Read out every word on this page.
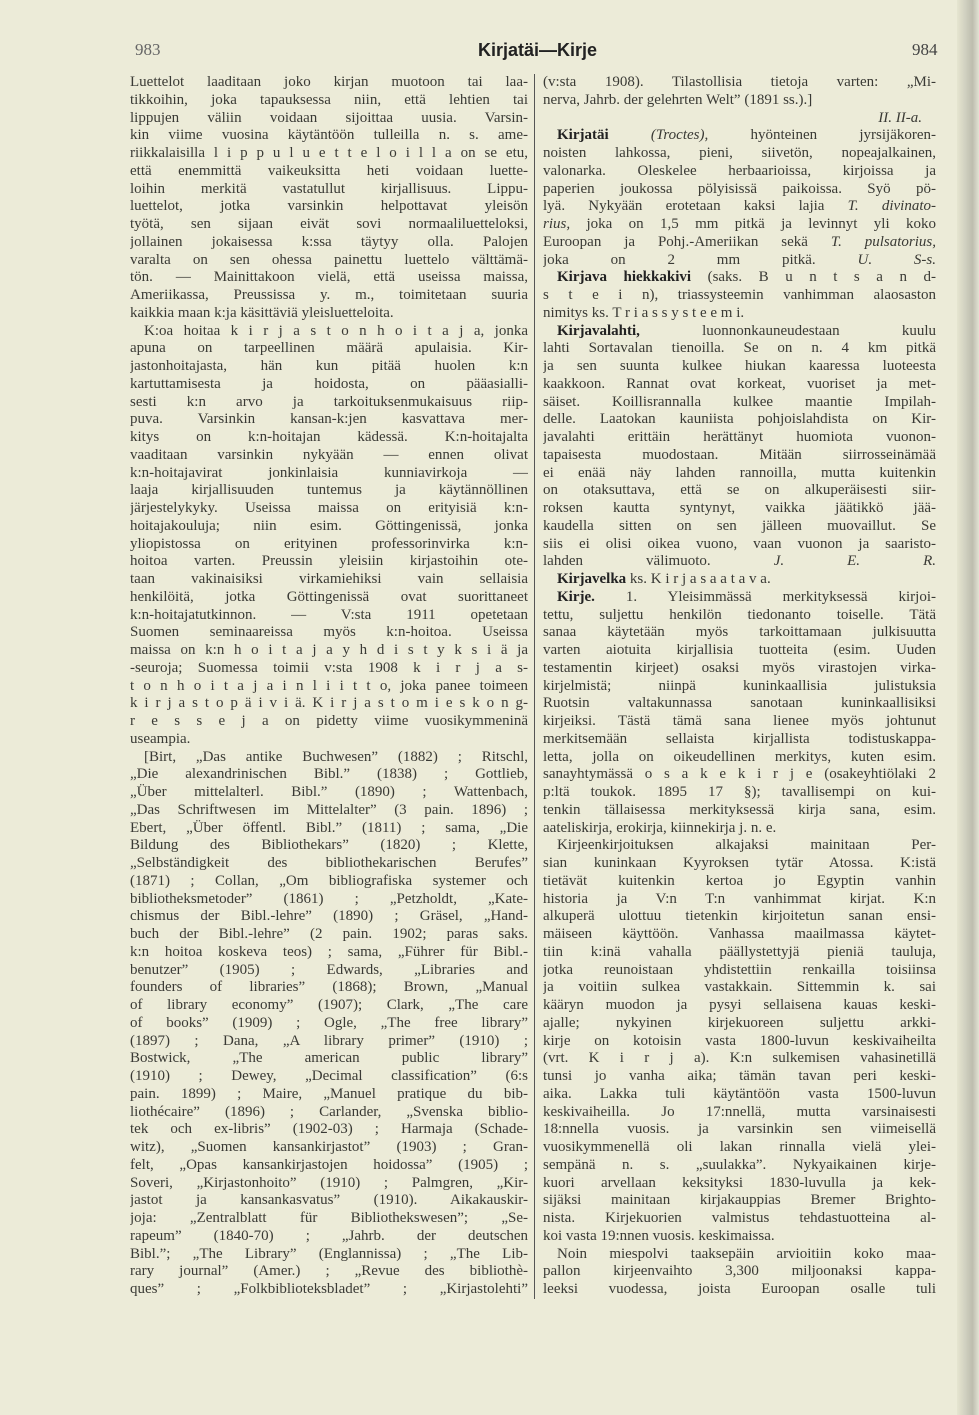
983	Kirjatäi—Kirje	984
Luettelot laaditaan joko kirjan muotoon tai laa-
tikkoihin, joka tapauksessa niin, että lehtien tai
lippujen väliin voidaan sijoittaa uusia. Varsin-
kin viime vuosina käytäntöön tulleilla n. s. ame-
riikkalaisilla l i p p u l u e t t e l o i l l a on se etu,
että enemmittä vaikeuksitta heti voidaan luette-
loihin merkitä vastatullut kirjallisuus. Lippu-
luettelot, jotka varsinkin helpottavat yleisön
työtä, sen sijaan eivät sovi normaaliluetteloksi,
jollainen jokaisessa k:ssa täytyy olla. Palojen
varalta on sen ohessa painettu luettelo välttämä-
tön. — Mainittakoon vielä, että useissa maissa,
Ameriikassa, Preussissa y. m., toimitetaan suuria
kaikkia maan k:ja käsittäviä yleisluetteloita.
K:oa hoitaa k i r j a s t o n h o i t a j a, jonka
apuna on tarpeellinen määrä apulaisia. Kir-
jastonhoitajasta, hän kun pitää huolen k:n
kartuttamisesta ja hoidosta, on pääasialli-
sesti k:n arvo ja tarkoituksenmukaisuus riip-
puva. Varsinkin kansan-k:jen kasvattava mer-
kitys on k:n-hoitajan kädessä. K:n-hoitajalta
vaaditaan varsinkin nykyään — ennen olivat
k:n-hoitajavirat jonkinlaisia kunniavirkoja —
laaja kirjallisuuden tuntemus ja käytännöllinen
järjestelykyky. Useissa maissa on erityisiä k:n-
hoitajakouluja; niin esim. Göttingenissä, jonka
yliopistossa on erityinen professorinvirka k:n-
hoitoa varten. Preussin yleisiin kirjastoihin ote-
taan vakinaisiksi virkamiehiksi vain sellaisia
henkilöitä, jotka Göttingenissä ovat suorittaneet
k:n-hoitajatutkinnon. — V:sta 1911 opetetaan
Suomen seminaareissa myös k:n-hoitoa. Useissa
maissa on k:n h o i t a j a y h d i s t y k s i ä ja
-seuroja; Suomessa toimii v:sta 1908 k i r j a s-
t o n h o i t a j a i n l i i t t o, joka panee toimeen
k i r j a s t o p ä i v i ä. K i r j a s t o m i e s k o n g-
r e s s e j a on pidetty viime vuosikymmeninä
useampia.
[Birt, „Das antike Buchwesen” (1882) ; Ritschl,
„Die alexandrinischen Bibl.” (1838) ; Gottlieb,
„Über mittelalterl. Bibl.” (1890) ; Wattenbach,
„Das Schriftwesen im Mittelalter” (3 pain. 1896) ;
Ebert, „Über öffentl. Bibl.” (1811) ; sama, „Die
Bildung des Bibliothekars” (1820) ; Klette,
„Selbständigkeit des bibliothekarischen Berufes”
(1871) ; Collan, „Om bibliografiska systemer och
bibliotheksmetoder” (1861) ; „Petzholdt, „Kate-
chismus der Bibl.-lehre” (1890) ; Gräsel, „Hand-
buch der Bibl.-lehre” (2 pain. 1902; paras saks.
k:n hoitoa koskeva teos) ; sama, „Führer für Bibl.-
benutzer” (1905) ; Edwards, „Libraries and
founders of libraries” (1868); Brown, „Manual
of library economy” (1907); Clark, „The care
of books” (1909) ; Ogle, „The free library”
(1897) ; Dana, „A library primer” (1910) ;
Bostwick, „The american public library”
(1910) ; Dewey, „Decimal classification” (6:s
pain. 1899) ; Maire, „Manuel pratique du bib-
liothécaire” (1896) ; Carlander, „Svenska biblio-
tek och ex-libris” (1902-03) ; Harmaja (Schade-
witz), „Suomen kansankirjastot” (1903) ; Gran-
felt, „Opas kansankirjastojen hoidossa” (1905) ;
Soveri, „Kirjastonhoito” (1910) ; Palmgren, „Kir-
jastot ja kansankasvatus” (1910). Aikakauskir-
joja: „Zentralblatt für Bibliothekswesen”; „Se-
rapeum” (1840-70) ; „Jahrb. der deutschen
Bibl.”; „The Library” (Englannissa) ; „The Lib-
rary journal” (Amer.) ; „Revue des bibliothè-
ques” ; „Folkbiblioteksbladet” ; „Kirjastolehti”
(v:sta 1908). Tilastollisia tietoja varten: „Mi-
nerva, Jahrb. der gelehrten Welt” (1891 ss.).]
II. II-a.
Kirjatäi	(Troctes), hyönteinen jyrsijäkoren-
noisten lahkossa, pieni, siivetön, nopeajalkainen,
valonarka. Oleskelee herbaarioissa, kirjoissa ja
paperien joukossa pölyisissä paikoissa. Syö pö-
lyä. Nykyään erotetaan kaksi lajia T. divinato-
rius, joka on 1,5 mm pitkä ja levinnyt yli koko
Euroopan ja Pohj.-Ameriikan sekä T. pulsatorius,
joka on 2 mm pitkä.	U. S-s.
Kirjava hiekkakivi (saks. B u n t s a n d-
s t e i n), triassysteemin vanhimman alaosaston
nimitys ks. T r i a s s y s t e e m i.
Kirjavalahti, luonnonkauneudestaan kuulu
lahti Sortavalan tienoilla. Se on n. 4 km pitkä
ja sen suunta kulkee hiukan kaaressa luoteesta
kaakkoon. Rannat ovat korkeat, vuoriset ja met-
säiset. Koillisrannalla kulkee maantie Impilah-
delle. Laatokan kauniista pohjoislahdista on Kir-
javalahti erittäin herättänyt huomiota vuonon-
tapaisesta muodostaan. Mitään siirrosseinämää
ei enää näy lahden rannoilla, mutta kuitenkin
on otaksuttava, että se on alkuperäisesti siir-
roksen kautta syntynyt, vaikka jäätikkö jää-
kaudella sitten on sen jälleen muovaillut. Se
siis ei olisi oikea vuono, vaan vuonon ja saaristo-
lahden välimuoto.	J. E. R.
Kirjavelka ks. K i r j a s a a t a v a.
Kirje. 1. Yleisimmässä merkityksessä kirjoi-
tettu, suljettu henkilön tiedonanto toiselle. Tätä
sanaa käytetään myös tarkoittamaan julkisuutta
varten aiotuita kirjallisia tuotteita (esim. Uuden
testamentin kirjeet) osaksi myös virastojen virka-
kirjelmistä; niinpä kuninkaallisia julistuksia
Ruotsin valtakunnassa sanotaan kuninkaallisiksi
kirjeiksi. Tästä tämä sana lienee myös johtunut
merkitsemään sellaista kirjallista todistuskappa-
letta, jolla on oikeudellinen merkitys, kuten esim.
sanayhtymässä o s a k e k i r j e (osakeyhtiölaki 2
p:ltä toukok. 1895 17 §); tavallisempi on kui-
tenkin tällaisessa merkityksessä kirja sana, esim.
aateliskirja, erokirja, kiinnekirja j. n. e.
Kirjeenkirjoituksen alkajaksi mainitaan Per-
sian kuninkaan Kyyroksen tytär Atossa. K:istä
tietävät kuitenkin kertoa jo Egyptin vanhin
historia ja V:n T:n vanhimmat kirjat. K:n
alkuperä ulottuu tietenkin kirjoitetun sanan ensi-
mäiseen käyttöön. Vanhassa maailmassa käytet-
tiin k:inä vahalla päällystettyjä pieniä tauluja,
jotka reunoistaan yhdistettiin renkailla toisiinsa
ja voitiin sulkea vastakkain. Sittemmin k. sai
kääryn muodon ja pysyi sellaisena kauas keski-
ajalle; nykyinen kirjekuoreen suljettu arkki-
kirje on kotoisin vasta 1800-luvun keskivaiheilta
(vrt. K i r j a). K:n sulkemisen vahasinetillä
tunsi jo vanha aika; tämän tavan peri keski-
aika. Lakka tuli käytäntöön vasta 1500-luvun
keskivaiheilla. Jo 17:nnellä, mutta varsinaisesti
18:nnella vuosis. ja varsinkin sen viimeisellä
vuosikymmenellä oli lakan rinnalla vielä ylei-
sempänä n. s. „suulakka”. Nykyaikainen kirje-
kuori arvellaan keksityksi 1830-luvulla ja kek-
sijäksi mainitaan kirjakauppias Bremer Brighto-
nista. Kirjekuorien valmistus tehdastuotteina al-
koi vasta 19:nnen vuosis. keskimaissa.
Noin miespolvi taaksepäin arvioitiin koko maa-
pallon kirjeenvaihto 3,300 miljoonaksi kappa-
leeksi vuodessa, joista Euroopan osalle tuli
